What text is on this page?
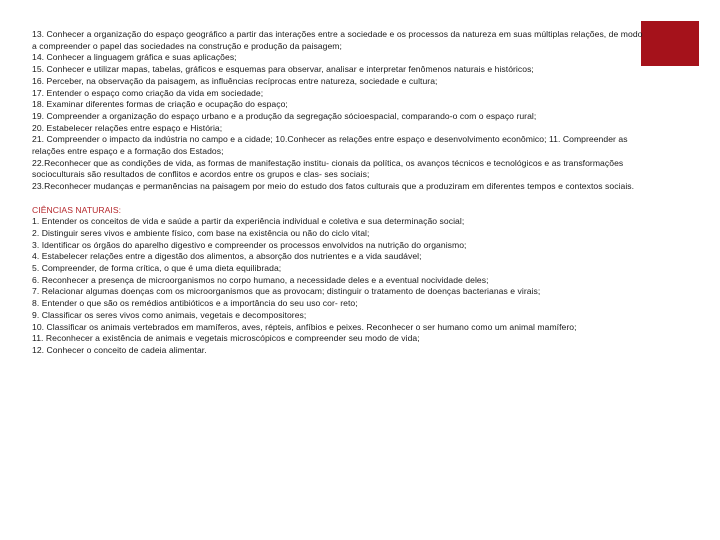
13. Conhecer a organização do espaço geográfico a partir das interações entre a sociedade e os processos da natureza em suas múltiplas relações, de modo a compreender o papel das sociedades na construção e produção da paisagem;
14. Conhecer a linguagem gráfica e suas aplicações;
15. Conhecer e utilizar mapas, tabelas, gráficos e esquemas para observar, analisar e interpretar fenômenos naturais e históricos;
16. Perceber, na observação da paisagem, as influências recíprocas entre natureza, sociedade e cultura;
17. Entender o espaço como criação da vida em sociedade;
18. Examinar diferentes formas de criação e ocupação do espaço;
19. Compreender a organização do espaço urbano e a produção da segregação sócioespacial, comparando-o com o espaço rural;
20. Estabelecer relações entre espaço e História;
21. Compreender o impacto da indústria no campo e a cidade; 10.Conhecer as relações entre espaço e desenvolvimento econômico; 11. Compreender as relações entre espaço e a formação dos Estados;
22.Reconhecer que as condições de vida, as formas de manifestação institu- cionais da política, os avanços técnicos e tecnológicos e as transformações socioculturais são resultados de conflitos e acordos entre os grupos e clas- ses sociais;
23.Reconhecer mudanças e permanências na paisagem por meio do estudo dos fatos culturais que a produziram em diferentes tempos e contextos sociais.
CIÊNCIAS NATURAIS:
1. Entender os conceitos de vida e saúde a partir da experiência individual e coletiva e sua determinação social;
2. Distinguir seres vivos e ambiente físico, com base na existência ou não do ciclo vital;
3. Identificar os órgãos do aparelho digestivo e compreender os processos envolvidos na nutrição do organismo;
4. Estabelecer relações entre a digestão dos alimentos, a absorção dos nutrientes e a vida saudável;
5. Compreender, de forma crítica, o que é uma dieta equilibrada;
6. Reconhecer a presença de microorganismos no corpo humano, a necessidade deles e a eventual nocividade deles;
7. Relacionar algumas doenças com os microorganismos que as provocam; distinguir o tratamento de doenças bacterianas e virais;
8. Entender o que são os remédios antibióticos e a importância do seu uso cor- reto;
9. Classificar os seres vivos como animais, vegetais e decompositores;
10. Classificar os animais vertebrados em mamíferos, aves, répteis, anfíbios e peixes. Reconhecer o ser humano como um animal mamífero;
11. Reconhecer a existência de animais e vegetais microscópicos e compreender seu modo de vida;
12. Conhecer o conceito de cadeia alimentar.
